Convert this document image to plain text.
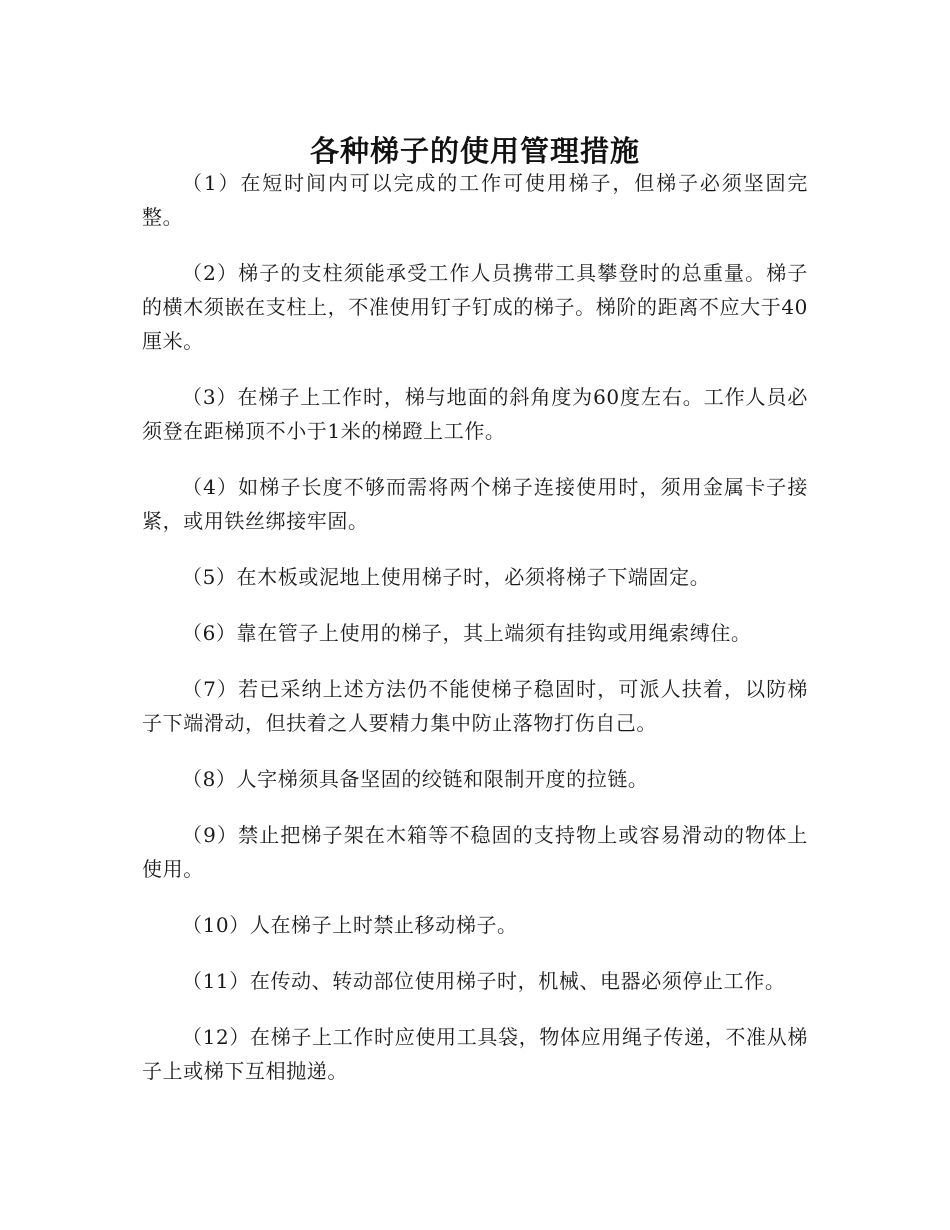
各种梯子的使用管理措施

（1）在短时间内可以完成的工作可使用梯子，但梯子必须坚固完整。

（2）梯子的支柱须能承受工作人员携带工具攀登时的总重量。梯子的横木须嵌在支柱上，不准使用钉子钉成的梯子。梯阶的距离不应大于40厘米。

（3）在梯子上工作时，梯与地面的斜角度为60度左右。工作人员必须登在距梯顶不小于1米的梯蹬上工作。

（4）如梯子长度不够而需将两个梯子连接使用时，须用金属卡子接紧，或用铁丝绑接牢固。

（5）在木板或泥地上使用梯子时，必须将梯子下端固定。

（6）靠在管子上使用的梯子，其上端须有挂钩或用绳索缚住。

（7）若已采纳上述方法仍不能使梯子稳固时，可派人扶着，以防梯子下端滑动，但扶着之人要精力集中防止落物打伤自己。

（8）人字梯须具备坚固的绞链和限制开度的拉链。

（9）禁止把梯子架在木箱等不稳固的支持物上或容易滑动的物体上使用。

（10）人在梯子上时禁止移动梯子。

（11）在传动、转动部位使用梯子时，机械、电器必须停止工作。

（12）在梯子上工作时应使用工具袋，物体应用绳子传递，不准从梯子上或梯下互相抛递。
